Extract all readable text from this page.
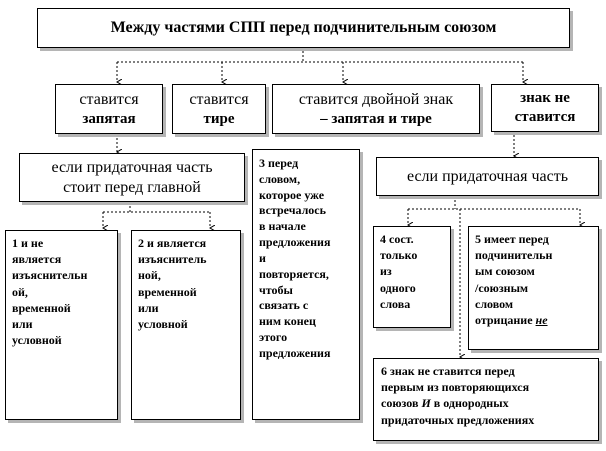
Между частями СПП перед подчинительным союзом
ставится
запятая
ставится
тире
ставится двойной знак
– запятая и тире
знак не
ставится
если придаточная часть
стоит перед главной
если придаточная часть
1 и не
является
изъяснительн
ой,
временной
или
условной
2 и является
изъяснитель
ной,
временной
или
условной
3 перед
словом,
которое уже
встречалось
в начале
предложения
и
повторяется,
чтобы
связать с
ним конец
этого
предложения
4 сост.
только
из
одного
слова
5 имеет перед
подчинительн
ым союзом
/союзным
словом
отрицание не
6 знак не ставится перед
первым из повторяющихся
союзов И в однородных
придаточных предложениях
